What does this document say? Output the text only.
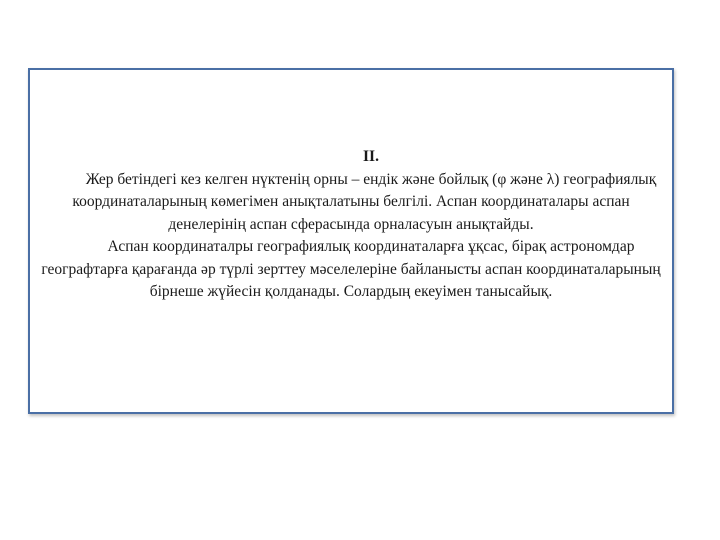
II.
Жер бетіндегі кез келген нүктенің орны – ендік және бойлық (φ және λ) географиялық координаталарының көмегімен анықталатыны белгілі. Аспан координаталары аспан денелерінің аспан сферасында орналасуын анықтайды.
Аспан координаталры географиялық координаталарға ұқсас, бірақ астрономдар географтарға қарағанда әр түрлі зерттеу мәселелеріне байланысты аспан координаталарының бірнеше жүйесін қолданады. Солардың екеуімен танысайық.
